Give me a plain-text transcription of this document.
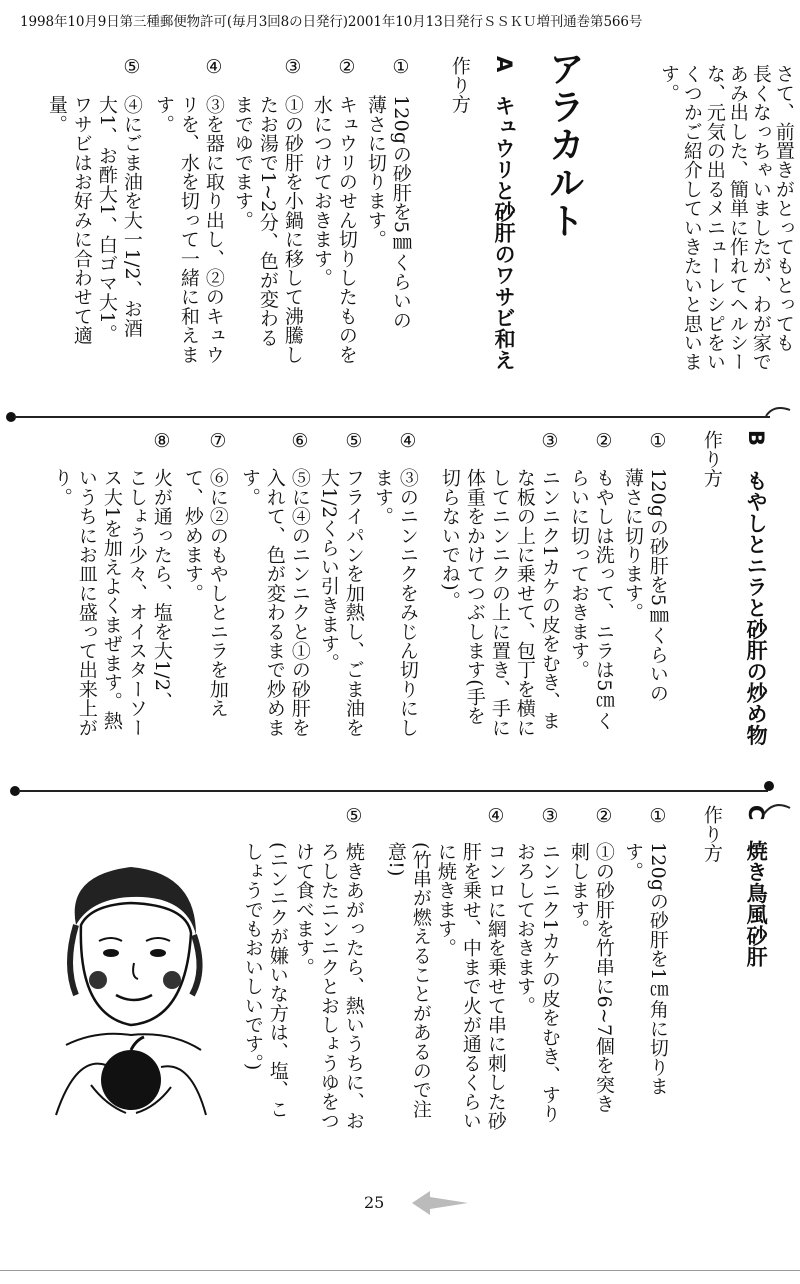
1998年10月9日第三種郵便物許可(毎月3回8の日発行)2001年10月13日発行ＳＳＫＵ増刊通巻第566号
さて、前置きがとってもとっても
長くなっちゃいましたが、わが家で
あみ出した、簡単に作れてヘルシー
な、元気の出るメニューレシピをい
くつかご紹介していきたいと思いま
す。
アラカルト
A
キュウリと砂肝のワサビ和え
作り方
①
120gの砂肝を5㎜くらいの
薄さに切ります。
②
キュウリのせん切りしたものを
水につけておきます。
③
①の砂肝を小鍋に移して沸騰し
たお湯で1~2分、色が変わる
までゆでます。
④
③を器に取り出し、②のキュウ
リを、水を切って一緒に和えま
す。
⑤
④にごま油を大一1/2、お酒
大1、お酢大1、白ゴマ大1。
ワサビはお好みに合わせて適
量。
B
もやしとニラと砂肝の炒め物
作り方
①
120gの砂肝を5㎜くらいの
薄さに切ります。
②
もやしは洗って、ニラは5㎝く
らいに切っておきます。
③
ニンニク1カケの皮をむき、ま
な板の上に乗せて、包丁を横に
してニンニクの上に置き、手に
体重をかけてつぶします(手を
切らないでね)。
④
③のニンニクをみじん切りにし
ます。
⑤
フライパンを加熱し、ごま油を
大1/2くらい引きます。
⑥
⑤に④のニンニクと①の砂肝を
入れて、色が変わるまで炒めま
す。
⑦
⑥に②のもやしとニラを加え
て、炒めます。
⑧
火が通ったら、塩を大1/2、
こしょう少々、オイスターソー
ス大1を加えよくまぜます。熱
いうちにお皿に盛って出来上が
り。
C
焼き鳥風砂肝
作り方
①
120gの砂肝を1㎝角に切りま
す。
②
①の砂肝を竹串に6~7個を突き
刺します。
③
ニンニク1カケの皮をむき、すり
おろしておきます。
④
コンロに網を乗せて串に刺した砂
肝を乗せ、中まで火が通るくらい
に焼きます。
(竹串が燃えることがあるので注
意!)
⑤
焼きあがったら、熱いうちに、お
ろしたニンニクとおしょうゆをつ
けて食べます。
(ニンニクが嫌いな方は、塩、こ
しょうでもおいしいです。)
25
